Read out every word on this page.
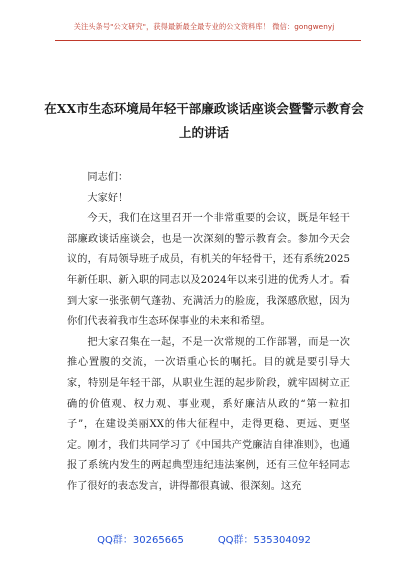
关注头条号"公文研究"，获得最新最全最专业的公文资料库！ 微信：gongwenyj
在XX市生态环境局年轻干部廉政谈话座谈会暨警示教育会
上的讲话

同志们：

大家好！

今天，我们在这里召开一个非常重要的会议，既是年轻干部廉政谈话座谈会，也是一次深刻的警示教育会。参加今天会议的，有局领导班子成员，有机关的年轻骨干，还有系统2025年新任职、新入职的同志以及2024年以来引进的优秀人才。看到大家一张张朝气蓬勃、充满活力的脸庞，我深感欣慰，因为你们代表着我市生态环保事业的未来和希望。

把大家召集在一起，不是一次常规的工作部署，而是一次推心置腹的交流，一次语重心长的嘱托。目的就是要引导大家，特别是年轻干部，从职业生涯的起步阶段，就牢固树立正确的价值观、权力观、事业观，系好廉洁从政的“第一粒扣子”，在建设美丽XX的伟大征程中，走得更稳、更远、更坚定。刚才，我们共同学习了《中国共产党廉洁自律准则》，也通报了系统内发生的两起典型违纪违法案例，还有三位年轻同志作了很好的表态发言，讲得都很真诚、很深刻。这充

QQ群：30265665	QQ群：535304092
